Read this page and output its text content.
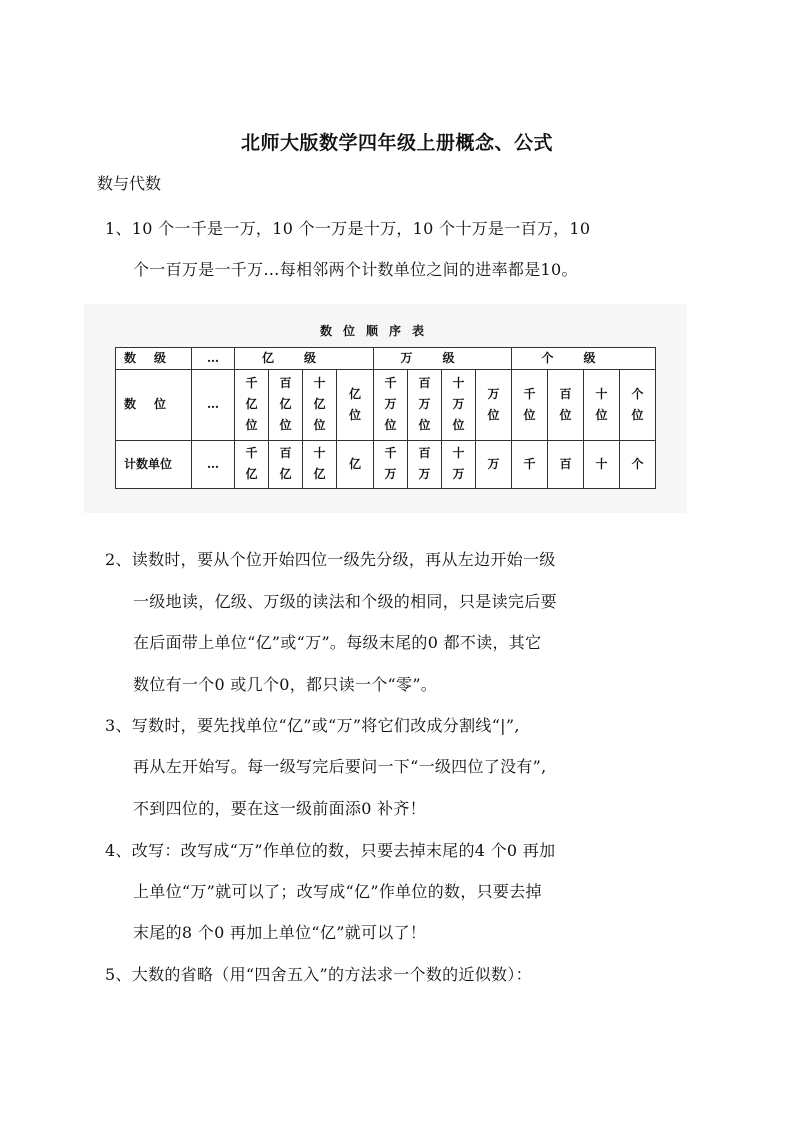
北师大版数学四年级上册概念、公式
数与代数
1、10 个一千是一万，10 个一万是十万，10 个十万是一百万，10
个一百万是一千万…每相邻两个计数单位之间的进率都是10。
数位顺序表
数级	…	亿级				万级				个级			
数位	…	千亿位	百亿位	十亿位	亿位	千万位	百万位	十万位	万位	千位	百位	十位	个位
计数单位	…	千亿	百亿	十亿	亿	千万	百万	十万	万	千	百	十	个
2、读数时，要从个位开始四位一级先分级，再从左边开始一级
一级地读，亿级、万级的读法和个级的相同，只是读完后要
在后面带上单位“亿”或“万”。每级末尾的0 都不读，其它
数位有一个0 或几个0，都只读一个“零”。
3、写数时，要先找单位“亿”或“万”将它们改成分割线“|”,
再从左开始写。每一级写完后要问一下“一级四位了没有”,
不到四位的，要在这一级前面添0 补齐！
4、改写：改写成“万”作单位的数，只要去掉末尾的4 个0 再加
上单位“万”就可以了；改写成“亿”作单位的数，只要去掉
末尾的8 个0 再加上单位“亿”就可以了！
5、大数的省略（用“四舍五入”的方法求一个数的近似数）：
